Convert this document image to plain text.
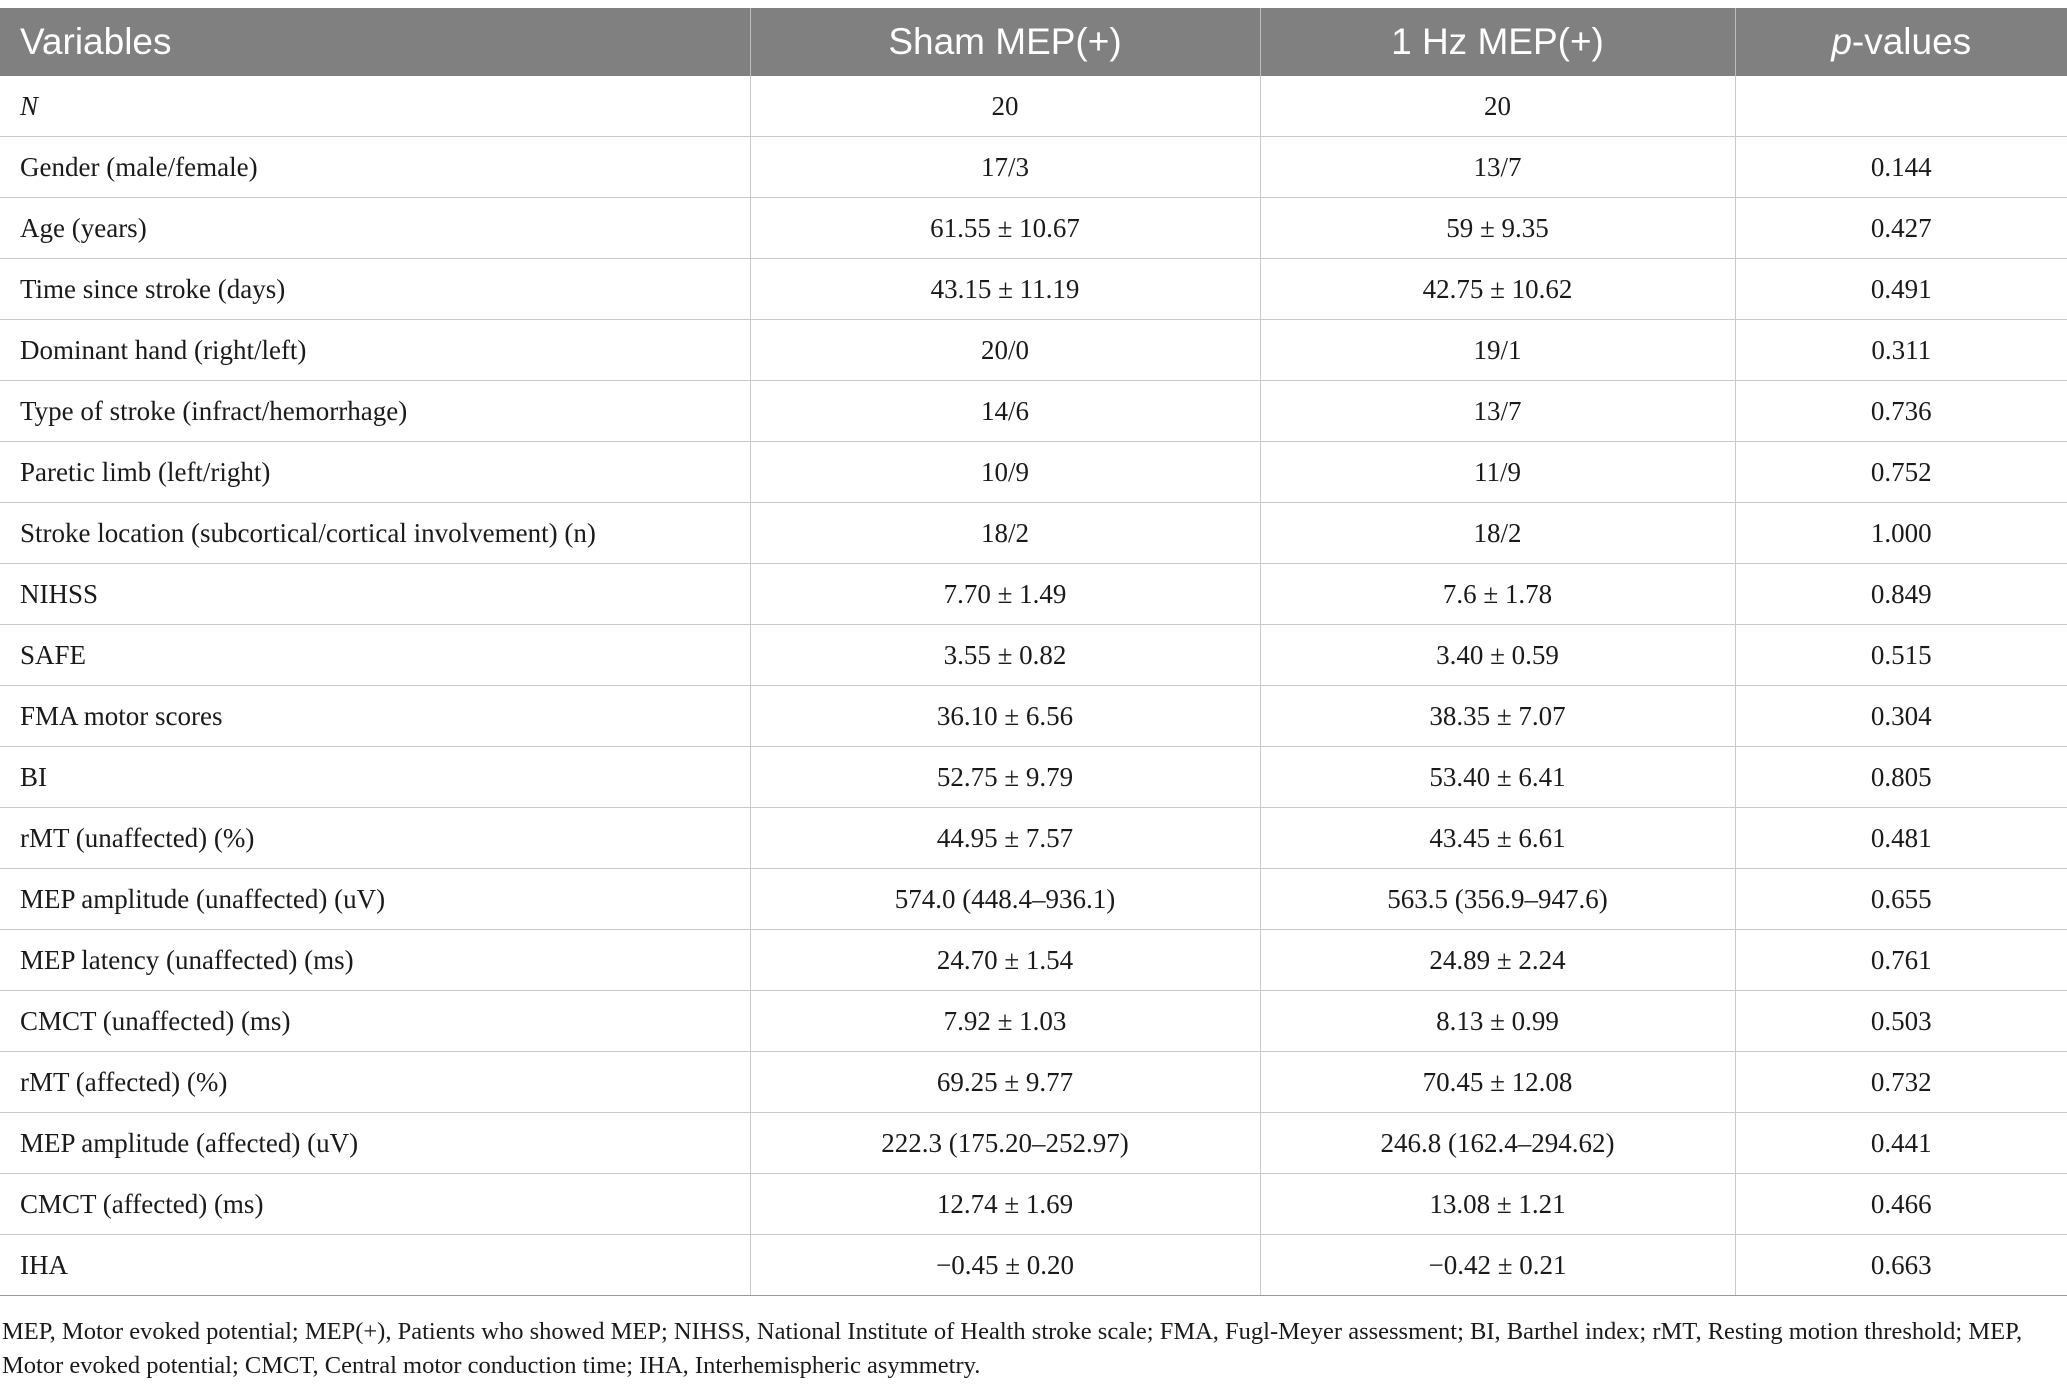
Variables	Sham MEP(+)	1 Hz MEP(+)	p-values
N	20	20	
Gender (male/female)	17/3	13/7	0.144
Age (years)	61.55 ± 10.67	59 ± 9.35	0.427
Time since stroke (days)	43.15 ± 11.19	42.75 ± 10.62	0.491
Dominant hand (right/left)	20/0	19/1	0.311
Type of stroke (infract/hemorrhage)	14/6	13/7	0.736
Paretic limb (left/right)	10/9	11/9	0.752
Stroke location (subcortical/cortical involvement) (n)	18/2	18/2	1.000
NIHSS	7.70 ± 1.49	7.6 ± 1.78	0.849
SAFE	3.55 ± 0.82	3.40 ± 0.59	0.515
FMA motor scores	36.10 ± 6.56	38.35 ± 7.07	0.304
BI	52.75 ± 9.79	53.40 ± 6.41	0.805
rMT (unaffected) (%)	44.95 ± 7.57	43.45 ± 6.61	0.481
MEP amplitude (unaffected) (uV)	574.0 (448.4–936.1)	563.5 (356.9–947.6)	0.655
MEP latency (unaffected) (ms)	24.70 ± 1.54	24.89 ± 2.24	0.761
CMCT (unaffected) (ms)	7.92 ± 1.03	8.13 ± 0.99	0.503
rMT (affected) (%)	69.25 ± 9.77	70.45 ± 12.08	0.732
MEP amplitude (affected) (uV)	222.3 (175.20–252.97)	246.8 (162.4–294.62)	0.441
CMCT (affected) (ms)	12.74 ± 1.69	13.08 ± 1.21	0.466
IHA	−0.45 ± 0.20	−0.42 ± 0.21	0.663
MEP, Motor evoked potential; MEP(+), Patients who showed MEP; NIHSS, National Institute of Health stroke scale; FMA, Fugl-Meyer assessment; BI, Barthel index; rMT, Resting motion threshold; MEP, Motor evoked potential; CMCT, Central motor conduction time; IHA, Interhemispheric asymmetry.
